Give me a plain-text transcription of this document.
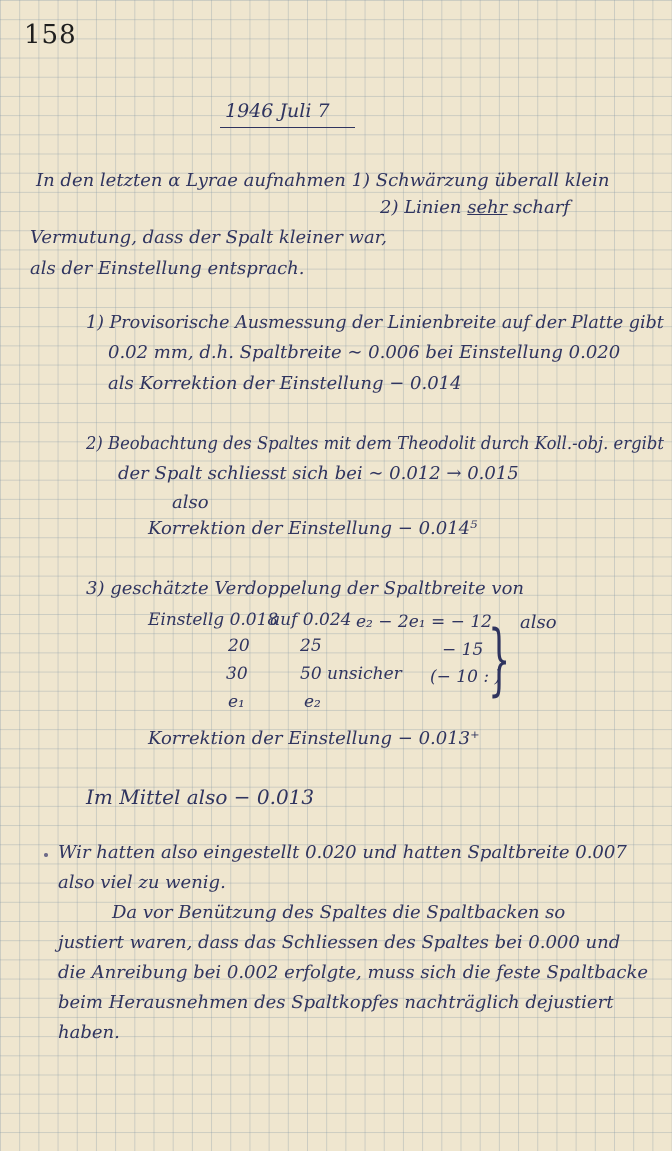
158
1946 Juli 7
In den letzten α Lyrae aufnahmen 1) Schwärzung überall klein
2) Linien sehr scharf
Vermutung, dass der Spalt kleiner war,
als der Einstellung entsprach.
1) Provisorische Ausmessung der Linienbreite auf der Platte gibt
0.02 mm, d.h. Spaltbreite ∼ 0.006 bei Einstellung 0.020
als Korrektion der Einstellung − 0.014
2) Beobachtung des Spaltes mit dem Theodolit durch Koll.-obj. ergibt
der Spalt schliesst sich bei ∼ 0.012 → 0.015
also
Korrektion der Einstellung − 0.014⁵
3) geschätzte Verdoppelung der Spaltbreite von
Einstellg 0.018
auf 0.024 e₂ − 2e₁ = − 12
20	25	− 15
30	50 unsicher (− 10 : )
e₁	e₂ } also
Korrektion der Einstellung − 0.013⁺
Im Mittel also − 0.013
Wir hatten also eingestellt 0.020 und hatten Spaltbreite 0.007
also viel zu wenig.
Da vor Benützung des Spaltes die Spaltbacken so
justiert waren, dass das Schliessen des Spaltes bei 0.000 und
die Anreibung bei 0.002 erfolgte, muss sich die feste Spaltbacke
beim Herausnehmen des Spaltkopfes nachträglich dejustiert
haben.
